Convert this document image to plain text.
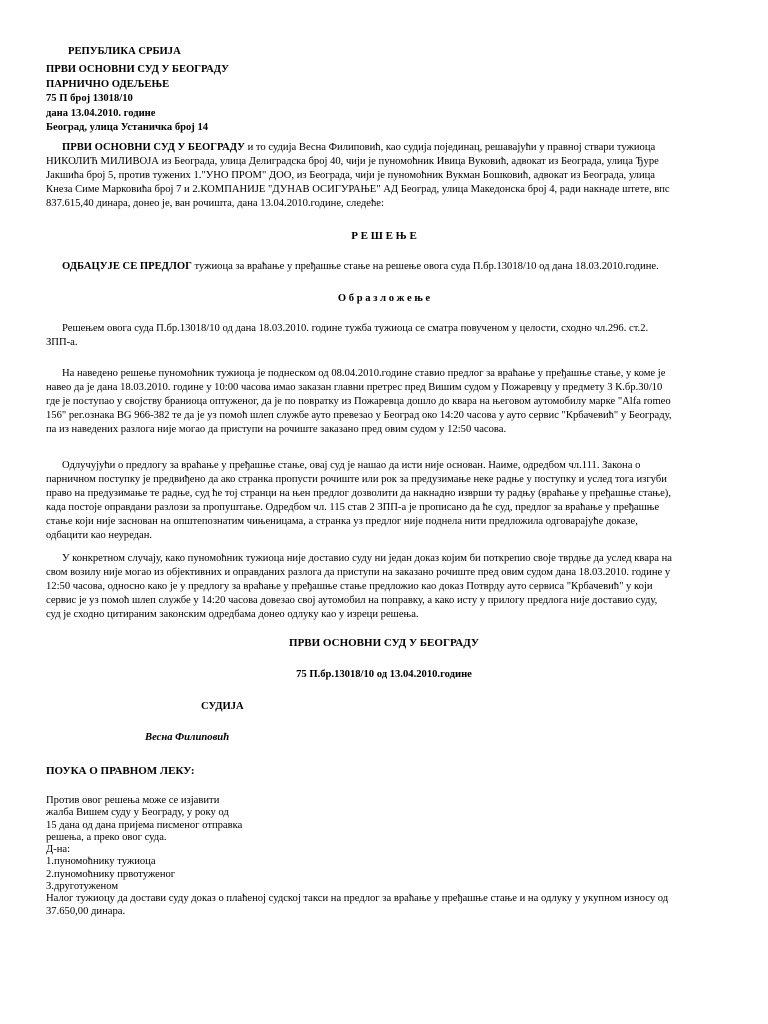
РЕПУБЛИКА СРБИЈА
ПРВИ ОСНОВНИ СУД У БЕОГРАДУ
ПАРНИЧНО ОДЕЉЕЊЕ
75 П број 13018/10
дана 13.04.2010. године
Београд, улица Устаничка број 14
ПРВИ ОСНОВНИ СУД У БЕОГРАДУ и то судија Весна Филиповић, као судија појединац, решавајући у правној ствари тужиоца
НИКОЛИЋ МИЛИВОЈА из Београда, улица Делиградска број 40, чији је пуномоћник Ивица Вуковић, адвокат из Београда, улица Ђуре
Јакшића број 5, против тужених 1."УНО ПРОМ" ДОО, из Београда, чији је пуномоћник Вукман Бошковић, адвокат из Београда, улица
Кнеза Симе Марковића број 7 и 2.КОМПАНИЈЕ "ДУНАВ ОСИГУРАЊЕ" АД Београд, улица Македонска број 4, ради накнаде штете, впс
837.615,40 динара, донео је, ван рочишта, дана 13.04.2010.године, следеће:
Р Е Ш Е Њ Е
ОДБАЦУЈЕ СЕ ПРЕДЛОГ тужиоца за враћање у пређашње стање на решење овога суда П.бр.13018/10 од дана 18.03.2010.године.
О б р а з л о ж е њ е
Решењем овога суда П.бр.13018/10 од дана 18.03.2010. године тужба тужиоца се сматра повученом у целости, сходно чл.296. ст.2.
ЗПП-а.
На наведено решење пуномоћник тужиоца је поднеском од 08.04.2010.године ставио предлог за враћање у пређашње стање, у коме је
навео да је дана 18.03.2010. године у 10:00 часова имао заказан главни претрес пред Вишим судом у Пожаревцу у предмету 3 К.бр.30/10
где је поступао у својству браниоца оптуженог, да је по повратку из Пожаревца дошло до квара на његовом аутомобилу марке "Alfa romeo
156" рег.ознака BG 966-382 те да је уз помоћ шлеп службе ауто превезао у Београд око 14:20 часова у ауто сервис "Крбачевић" у Београду,
па из наведених разлога није могао да приступи на рочиште заказано пред овим судом у 12:50 часова.
Одлучујући о предлогу за враћање у пређашње стање, овај суд је нашао да исти није основан. Наиме, одредбом чл.111. Закона о
парничном поступку је предвиђено да ако странка пропусти рочиште или рок за предузимање неке радње у поступку и услед тога изгуби
право на предузимање те радње, суд ће тој странци на њен предлог дозволити да накнадно изврши ту радњу (враћање у пређашње стање),
када постоје оправдани разлози за пропуштање. Одредбом чл. 115 став 2 ЗПП-а је прописано да ће суд, предлог за враћање у пређашње
стање који није заснован на општепознатим чињеницама, а странка уз предлог није поднела нити предложила одговарајуће доказе,
одбацити као неуредан.
У конкретном случају, како пуномоћник тужиоца није доставио суду ни један доказ којим би поткрепио своје тврдње да услед квара на
свом возилу није могао из објективних и оправданих разлога да приступи на заказано рочиште пред овим судом дана 18.03.2010. године у
12:50 часова, односно како је у предлогу за враћање у пређашње стање предложио као доказ Потврду ауто сервиса "Крбачевић" у који
сервис је уз помоћ шлеп службе у 14:20 часова довезао свој аутомобил на поправку, а како исту у прилогу предлога није доставио суду,
суд је сходно цитираним законским одредбама донео одлуку као у изреци решења.
ПРВИ ОСНОВНИ СУД У БЕОГРАДУ
75 П.бр.13018/10 од 13.04.2010.године
СУДИЈА
Весна Филиповић
ПОУКА О ПРАВНОМ ЛЕКУ:
Против овог решења може се изјавити
жалба Вишем суду у Београду, у року од
15 дана од дана пријема писменог отправка
решења, а преко овог суда.
Д-на:
1.пуномоћнику тужиоца
2.пуномоћнику првотуженог
3.друготуженом
Налог тужиоцу да достави суду доказ о плаћеној судској такси на предлог за враћање у пређашње стање и на одлуку у укупном износу од
37.650,00 динара.
